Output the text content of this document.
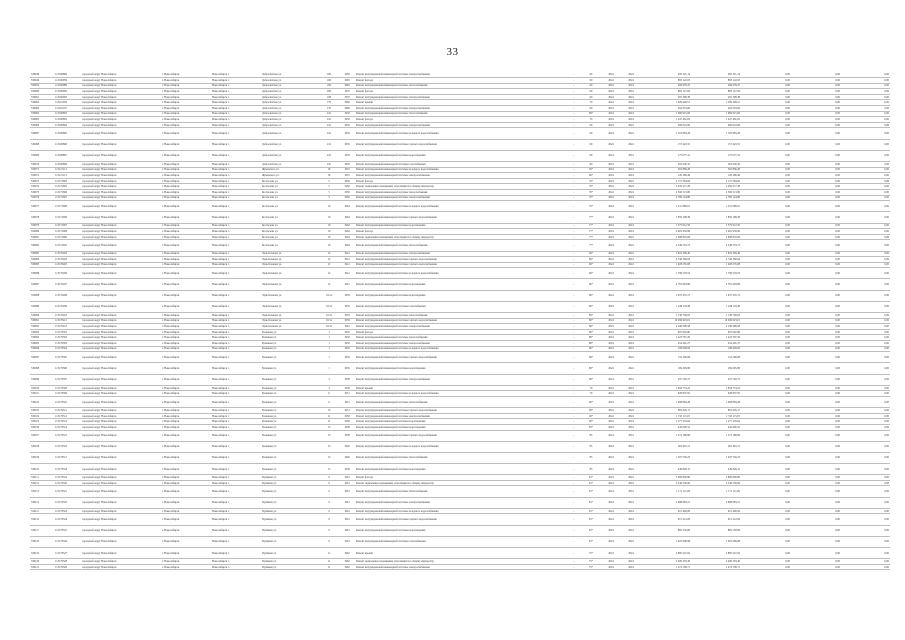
33
330048	113160809	городской округ Новосибирск	г. Новосибирск	Новосибирск г.	Добролюбова ул.	166	1959	Ремонт внутридомовой инженерной системы электроснабжения	-	60	2024	2024	285 321,14	285 321,14	0,00	0,00	0,00
330049	113160959	городской округ Новосибирск	г. Новосибирск	Новосибирск г.	Добролюбова ул.	166	1965	Ремонт фасада	-	60	2024	2024	883 122,03	883 122,03	0,00	0,00	0,00
330050	113160989	городской округ Новосибирск	г. Новосибирск	Новосибирск г.	Добролюбова ул.	166	1965	Ремонт внутридомовой инженерной системы теплоснабжения	-	60	2024	2024	266 978,47	266 978,47	0,00	0,00	0,00
330060	113160992	городской округ Новосибирск	г. Новосибирск	Новосибирск г.	Добролюбова ул.	168	1970	Ремонт фасада	-	60	2024	2024	883 127,09	883 127,09	0,00	0,00	0,00
330061	113160993	городской округ Новосибирск	г. Новосибирск	Новосибирск г.	Добролюбова ул.	168	1970	Ремонт внутридомовой инженерной системы электроснабжения	-	60	2024	2024	265 398,38	265 398,38	0,00	0,00	0,00
330062	113161032	городской округ Новосибирск	г. Новосибирск	Новосибирск г.	Добролюбова ул.	170	1960	Ремонт крыши	-	70	2024	2024	1 209 448,51	1 209 448,51	0,00	0,00	0,00
330063	113161107	городской округ Новосибирск	г. Новосибирск	Новосибирск г.	Добролюбова ул.	170	1960	Ремонт внутридомовой инженерной системы электроснабжения	-	60	2024	2024	262 953,69	262 953,69	0,00	0,00	0,00
330064	113160803	городской округ Новосибирск	г. Новосибирск	Новосибирск г.	Добролюбова ул.	241	1959	Ремонт внутридомовой инженерной системы теплоснабжения	-	80*	2024	2024	1 066 915,66	1 066 915,66	0,00	0,00	0,00
330065	113160802	городской округ Новосибирск	г. Новосибирск	Новосибирск г.	Добролюбова ул.	241	1959	Ремонт фасада	-	70	2024	2024	1 447 461,02	1 447 461,02	0,00	0,00	0,00
330066	113160804	городской округ Новосибирск	г. Новосибирск	Новосибирск г.	Добролюбова ул.	241	1959	Ремонт внутридомовой инженерной системы электроснабжения	-	60	2024	2024	469 610,69	469 610,69	0,00	0,00	0,00
330067	113160805	городской округ Новосибирск	г. Новосибирск	Новосибирск г.	Добролюбова ул.	241	1959	Ремонт внутридомовой инженерной системы холодного водоснабжения	-	60	2024	2024	1 163 983,28	1 163 983,28	0,00	0,00	0,00
330068	113160806	городской округ Новосибирск	г. Новосибирск	Новосибирск г.	Добролюбова ул.	241	1959	Ремонт внутридомовой инженерной системы горячего водоснабжения	-	60	2024	2024	157 443,55	157 443,55	0,00	0,00	0,00
330069	113160807	городской округ Новосибирск	г. Новосибирск	Новосибирск г.	Добролюбова ул.	241	1959	Ремонт внутридомовой инженерной системы водоотведения	-	60	2024	2024	175 077,41	175 077,41	0,00	0,00	0,00
330070	113160808	городской округ Новосибирск	г. Новосибирск	Новосибирск г.	Добролюбова ул.	241	1959	Ремонт внутридомовой инженерной системы газоснабжения	-	80	2024	2024	263 936,32	263 936,32	0,00	0,00	0,00
330071	113121112	городской округ Новосибирск	г. Новосибирск	Новосибирск г.	Жуковского ул.	18	1955	Ремонт внутридомовой инженерной системы холодного водоснабжения	-	50*	2024	2024	302 866,28	302 866,28	0,00	0,00	0,00
330072	113121113	городской округ Новосибирск	г. Новосибирск	Новосибирск г.	Жуковского ул.	18	1955	Ремонт внутридомовой инженерной системы электроснабжения	-	60*	2024	2024	120 280,49	120 280,49	0,00	0,00	0,00
330073	113175603	городской округ Новосибирск	г. Новосибирск	Новосибирск г.	Костычева ул.	5	1956	Ремонт фасада	-	70*	2024	2024	2 157 584,06	2 157 584,06	0,00	0,00	0,00
330074	113175605	городской округ Новосибирск	г. Новосибирск	Новосибирск г.	Костычева ул.	5	1956	Ремонт подвальных помещений, относящихся к общему имуществу	-	70*	2024	2024	2 459 317,28	2 459 317,28	0,00	0,00	0,00
330075	113175606	городской округ Новосибирск	г. Новосибирск	Новосибирск г.	Костычева ул.	5	1956	Ремонт внутридомовой инженерной системы теплоснабжения	-	70*	2024	2024	2 396 513,80	2 396 513,80	0,00	0,00	0,00
330076	113175607	городской округ Новосибирск	г. Новосибирск	Новосибирск г.	Костычева ул.	5	1956	Ремонт внутридомовой инженерной системы электроснабжения	-	70*	2024	2024	2 789 144,89	2 789 144,89	0,00	0,00	0,00
330077	113175608	городской округ Новосибирск	г. Новосибирск	Новосибирск г.	Костычева ул.	10	1964	Ремонт внутридомовой инженерной системы холодного водоснабжения	-	70*	2024	2024	1 231 680,01	1 231 680,01	0,00	0,00	0,00
330078	113172006	городской округ Новосибирск	г. Новосибирск	Новосибирск г.	Костычева ул.	10	1964	Ремонт внутридомовой инженерной системы горячего водоснабжения	-	77*	2024	2024	1 859 168,38	1 859 168,38	0,00	0,00	0,00
330079	113172007	городской округ Новосибирск	г. Новосибирск	Новосибирск г.	Костычева ул.	10	1964	Ремонт внутридомовой инженерной системы водоотведения	-	77*	2024	2024	1 375 612,50	1 375 612,50	0,00	0,00	0,00
330080	113172008	городской округ Новосибирск	г. Новосибирск	Новосибирск г.	Костычева ул.	10	1964	Ремонт фасада	-	77*	2024	2024	2 481 959,99	2 481 959,99	0,00	0,00	0,00
330081	113172009	городской округ Новосибирск	г. Новосибирск	Новосибирск г.	Костычева ул.	10	1964	Ремонт подвальных помещений, относящихся к общему имуществу	-	77*	2024	2024	2 698 810,09	2 698 810,09	0,00	0,00	0,00
330082	113172010	городской округ Новосибирск	г. Новосибирск	Новосибирск г.	Костычева ул.	10	1964	Ремонт внутридомовой инженерной системы теплоснабжения	-	77*	2024	2024	4 549 553,73	4 549 553,73	0,00	0,00	0,00
330083	113170403	городской округ Новосибирск	г. Новосибирск	Новосибирск г.	Лунь Кохнова ул.	12	1941	Ремонт внутридомовой инженерной системы электроснабжения	-	60*	2024	2024	1 822 399,46	1 822 399,46	0,00	0,00	0,00
330084	113170404	городской округ Новосибирск	г. Новосибирск	Новосибирск г.	Лунь Кохнова ул.	12	1941	Ремонт внутридомовой инженерной системы горячего водоснабжения	-	60*	2024	2024	4 746 360,64	4 746 360,64	0,00	0,00	0,00
330085	113170405	городской округ Новосибирск	г. Новосибирск	Новосибирск г.	Лунь Кохнова ул.	12	1941	Ремонт внутридомовой инженерной системы горячего водоснабжения	-	60*	2024	2024	1 028 235,68	1 028 235,68	0,00	0,00	0,00
330086	113170406	городской округ Новосибирск	г. Новосибирск	Новосибирск г.	Лунь Кохнова ул.	12	1941	Ремонт внутридомовой инженерной системы холодного водоснабжения	-	60*	2024	2024	1 796 518,53	1 796 518,53	0,00	0,00	0,00
330087	113170407	городской округ Новосибирск	г. Новосибирск	Новосибирск г.	Лунь Кохнова ул.	12	1941	Ремонт внутридомовой инженерной системы водоотведения	-	60*	2024	2024	4 781 993,89	4 781 993,89	0,00	0,00	0,00
330088	113170408	городской округ Новосибирск	г. Новосибирск	Новосибирск г.	Лунь Кохнова ул.	16/1а	1959	Ремонт внутридомовой инженерной системы водоотведения	-	80*	2024	2024	1 637 435,72	1 637 435,72	0,00	0,00	0,00
330089	113170409	городской округ Новосибирск	г. Новосибирск	Новосибирск г.	Лунь Кохнова ул.	16/1а	1959	Ремонт внутридомовой инженерной системы газоснабжения	-	80*	2024	2024	1 448 118,48	1 448 118,48	0,00	0,00	0,00
330090	113170410	городской округ Новосибирск	г. Новосибирск	Новосибирск г.	Лунь Кохнова ул.	16/1а	1959	Ремонт внутридомовой инженерной системы теплоснабжения	-	80*	2024	2024	1 138 709,63	1 138 709,63	0,00	0,00	0,00
330091	113170411	городской округ Новосибирск	г. Новосибирск	Новосибирск г.	Лунь Кохнова ул.	16/1а	1959	Ремонт внутридомовой инженерной системы горячего водоснабжения	-	80*	2024	2024	10 269 923,01	10 269 923,01	0,00	0,00	0,00
330092	113170412	городской округ Новосибирск	г. Новосибирск	Новосибирск г.	Лунь Кохнова ул.	16/1а	1961	Ремонт внутридомовой инженерной системы электроснабжения	-	80*	2024	2024	2 190 908,58	2 190 908,58	0,00	0,00	0,00
330093	113176501	городской округ Новосибирск	г. Новосибирск	Новосибирск г.	Ермакова ул.	1	1959	Ремонт фасада	-	80*	2024	2024	997 602,80	997 602,80	0,00	0,00	0,00
330094	113176502	городской округ Новосибирск	г. Новосибирск	Новосибирск г.	Ермакова ул.	1	1959	Ремонт внутридомовой инженерной системы теплоснабжения	-	80*	2024	2024	1 423 567,29	1 423 567,29	0,00	0,00	0,00
330095	113176503	городской округ Новосибирск	г. Новосибирск	Новосибирск г.	Ермакова ул.	1	1959	Ремонт внутридомовой инженерной системы электроснабжения	-	80*	2024	2024	454 401,27	454 401,27	0,00	0,00	0,00
330096	113176504	городской округ Новосибирск	г. Новосибирск	Новосибирск г.	Ермакова ул.	1	1959	Ремонт внутридомовой инженерной системы холодного водоснабжения	-	80*	2024	2024	106 928,93	106 928,93	0,00	0,00	0,00
330097	113176505	городской округ Новосибирск	г. Новосибирск	Новосибирск г.	Ермакова ул.	1	1959	Ремонт внутридомовой инженерной системы горячего водоснабжения	-	80*	2024	2024	152 260,68	152 260,68	0,00	0,00	0,00
330098	113176506	городской округ Новосибирск	г. Новосибирск	Новосибирск г.	Ермакова ул.	1	1959	Ремонт внутридомовой инженерной системы водоотведения	-	80*	2024	2024	169 295,86	169 295,86	0,00	0,00	0,00
330099	113176507	городской округ Новосибирск	г. Новосибирск	Новосибирск г.	Ермакова ул.	3	1958	Ремонт внутридомовой инженерной системы электроснабжения	-	60*	2024	2024	255 792,75	255 792,75	0,00	0,00	0,00
330100	113176508	городской округ Новосибирск	г. Новосибирск	Новосибирск г.	Ермакова ул.	3	1958	Ремонт крыши	-	70	2024	2024	1 818 774,22	1 818 774,22	0,00	0,00	0,00
330101	113176509	городской округ Новосибирск	г. Новосибирск	Новосибирск г.	Ермакова ул.	6	1951	Ремонт внутридомовой инженерной системы холодного водоснабжения	-	70	2024	2024	628 837,95	628 837,95	0,00	0,00	0,00
330102	113176510	городской округ Новосибирск	г. Новосибирск	Новосибирск г.	Ермакова ул.	6	1951	Ремонт внутридомовой инженерной системы теплоснабжения	-	90*	2024	2024	1 968 864,28	1 968 864,28	0,00	0,00	0,00
330103	113176511	городской округ Новосибирск	г. Новосибирск	Новосибирск г.	Ермакова ул.	10	1951	Ремонт внутридомовой инженерной системы горячего водоснабжения	-	90*	2024	2024	881 026,17	881 026,17	0,00	0,00	0,00
330104	113176512	городской округ Новосибирск	г. Новосибирск	Новосибирск г.	Ермакова ул.	11	1958	Ремонт внутридомовой инженерной системы электроснабжения	-	90*	2024	2024	1 745 115,67	1 745 115,67	0,00	0,00	0,00
330105	113176513	городской округ Новосибирск	г. Новосибирск	Новосибирск г.	Ермакова ул.	11	1958	Ремонт внутридомовой инженерной системы водоотведения	-	90*	2024	2024	1 277 216,64	1 277 216,64	0,00	0,00	0,00
330106	113176514	городской округ Новосибирск	г. Новосибирск	Новосибирск г.	Ермакова ул.	13	1958	Ремонт внутридомовой инженерной системы водоотведения	-	85*	2024	2024	442 600,52	442 600,52	0,00	0,00	0,00
330107	113176515	городской округ Новосибирск	г. Новосибирск	Новосибирск г.	Ермакова ул.	13	1958	Ремонт внутридомовой инженерной системы горячего водоснабжения	-	85	2024	2024	1 272 186,86	1 272 186,86	0,00	0,00	0,00
330108	113176516	городской округ Новосибирск	г. Новосибирск	Новосибирск г.	Ермакова ул.	13	1946	Ремонт внутридомовой инженерной системы холодного водоснабжения	-	85	2024	2024	481 945,11	481 945,11	0,00	0,00	0,00
330109	113176517	городской округ Новосибирск	г. Новосибирск	Новосибирск г.	Ермакова ул.	13	1946	Ремонт внутридомовой инженерной системы теплоснабжения	-	85	2024	2024	1 297 559,23	1 297 559,23	0,00	0,00	0,00
330110	113176518	городской округ Новосибирск	г. Новосибирск	Новосибирск г.	Ермакова ул.	15	1958	Ремонт внутридомовой инженерной системы водоотведения	-	85	2024	2024	449 828,15	449 828,15	0,00	0,00	0,00
330111	113176519	городской округ Новосибирск	г. Новосибирск	Новосибирск г.	Пушкина ул.	9	1961	Ремонт фасада	-	81*	2024	2024	3 669 890,80	3 669 890,80	0,00	0,00	0,00
330112	113176520	городской округ Новосибирск	г. Новосибирск	Новосибирск г.	Пушкина ул.	9	1961	Ремонт подвальных помещений, относящихся к общему имуществу	-	81*	2024	2024	3 546 536,99	3 546 536,99	0,00	0,00	0,00
330113	113176521	городской округ Новосибирск	г. Новосибирск	Новосибирск г.	Пушкина ул.	9	1961	Ремонт внутридомовой инженерной системы теплоснабжения	-	81*	2024	2024	1 171 111,09	1 171 111,09	0,00	0,00	0,00
330114	113176522	городской округ Новосибирск	г. Новосибирск	Новосибирск г.	Пушкина ул.	9	1961	Ремонт внутридомовой инженерной системы электроснабжения	-	81*	2024	2024	2 988 683,21	2 988 683,21	0,00	0,00	0,00
330115	113176523	городской округ Новосибирск	г. Новосибирск	Новосибирск г.	Пушкина ул.	9	1961	Ремонт внутридомовой инженерной системы холодного водоснабжения	-	81*	2024	2024	615 490,69	615 490,69	0,00	0,00	0,00
330116	113176524	городской округ Новосибирск	г. Новосибирск	Новосибирск г.	Пушкина ул.	9	1961	Ремонт внутридомовой инженерной системы горячего водоснабжения	-	81*	2024	2024	915 212,09	915 212,09	0,00	0,00	0,00
330117	113176525	городской округ Новосибирск	г. Новосибирск	Новосибирск г.	Пушкина ул.	9	1961	Ремонт внутридомовой инженерной системы водоотведения	-	81*	2024	2024	882 550,66	882 550,66	0,00	0,00	0,00
330118	113176526	городской округ Новосибирск	г. Новосибирск	Новосибирск г.	Пушкина ул.	9	1961	Ремонт внутридомовой инженерной системы газоснабжения	-	81*	2024	2024	1 022 906,98	1 022 906,98	0,00	0,00	0,00
330119	113176527	городской округ Новосибирск	г. Новосибирск	Новосибирск г.	Пушкина ул.	11	1962	Ремонт крыши	-	75*	2024	2024	2 885 247,02	2 885 247,02	0,00	0,00	0,00
330120	113176528	городской округ Новосибирск	г. Новосибирск	Новосибирск г.	Пушкина ул.	11	1962	Ремонт подвальных помещений, относящихся к общему имуществу	-	75*	2024	2024	2 400 203,40	2 400 203,40	0,00	0,00	0,00
330121	113176529	городской округ Новосибирск	г. Новосибирск	Новосибирск г.	Пушкина ул.	11	1962	Ремонт внутридомовой инженерной системы электроснабжения	-	75*	2024	2024	1 474 708,71	1 474 708,71	0,00	0,00	0,00
